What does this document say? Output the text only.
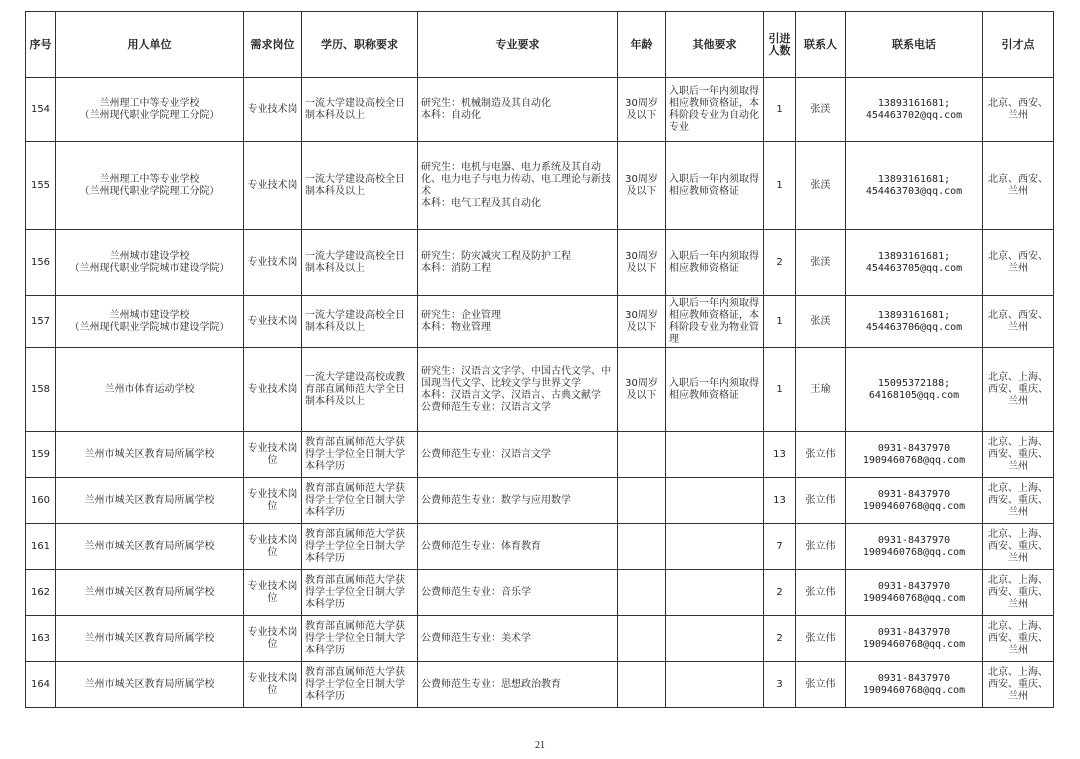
序号	用人单位	需求岗位	学历、职称要求	专业要求	年龄	其他要求	引进人数	联系人	联系电话	引才点
154	兰州理工中等专业学校
（兰州现代职业学院理工分院）	专业技术岗	一流大学建设高校全日制本科及以上	研究生：机械制造及其自动化
本科：自动化	30周岁及以下	入职后一年内须取得相应教师资格证，本科阶段专业为自动化专业	1	张渼	13893161681;
454463702@qq.com	北京、西安、兰州
155	兰州理工中等专业学校
（兰州现代职业学院理工分院）	专业技术岗	一流大学建设高校全日制本科及以上	研究生：电机与电器、电力系统及其自动化、电力电子与电力传动、电工理论与新技术
本科：电气工程及其自动化	30周岁及以下	入职后一年内须取得相应教师资格证	1	张渼	13893161681;
454463703@qq.com	北京、西安、兰州
156	兰州城市建设学校
（兰州现代职业学院城市建设学院）	专业技术岗	一流大学建设高校全日制本科及以上	研究生：防灾减灾工程及防护工程
本科：消防工程	30周岁及以下	入职后一年内须取得相应教师资格证	2	张渼	13893161681;
454463705@qq.com	北京、西安、兰州
157	兰州城市建设学校
（兰州现代职业学院城市建设学院）	专业技术岗	一流大学建设高校全日制本科及以上	研究生：企业管理
本科：物业管理	30周岁及以下	入职后一年内须取得相应教师资格证，本科阶段专业为物业管理	1	张渼	13893161681;
454463706@qq.com	北京、西安、兰州
158	兰州市体育运动学校	专业技术岗	一流大学建设高校或教育部直属师范大学全日制本科及以上	研究生：汉语言文字学、中国古代文学、中国现当代文学、比较文学与世界文学
本科：汉语言文学、汉语言、古典文献学
公费师范生专业：汉语言文学	30周岁及以下	入职后一年内须取得相应教师资格证	1	王瑜	15095372188;
64168105@qq.com	北京、上海、西安、重庆、兰州
159	兰州市城关区教育局所属学校	专业技术岗位	教育部直属师范大学获得学士学位全日制大学本科学历	公费师范生专业：汉语言文学			13	张立伟	0931-8437970
1909460768@qq.com	北京、上海、西安、重庆、兰州
160	兰州市城关区教育局所属学校	专业技术岗位	教育部直属师范大学获得学士学位全日制大学本科学历	公费师范生专业：数学与应用数学			13	张立伟	0931-8437970
1909460768@qq.com	北京、上海、西安、重庆、兰州
161	兰州市城关区教育局所属学校	专业技术岗位	教育部直属师范大学获得学士学位全日制大学本科学历	公费师范生专业：体育教育			7	张立伟	0931-8437970
1909460768@qq.com	北京、上海、西安、重庆、兰州
162	兰州市城关区教育局所属学校	专业技术岗位	教育部直属师范大学获得学士学位全日制大学本科学历	公费师范生专业：音乐学			2	张立伟	0931-8437970
1909460768@qq.com	北京、上海、西安、重庆、兰州
163	兰州市城关区教育局所属学校	专业技术岗位	教育部直属师范大学获得学士学位全日制大学本科学历	公费师范生专业：美术学			2	张立伟	0931-8437970
1909460768@qq.com	北京、上海、西安、重庆、兰州
164	兰州市城关区教育局所属学校	专业技术岗位	教育部直属师范大学获得学士学位全日制大学本科学历	公费师范生专业：思想政治教育			3	张立伟	0931-8437970
1909460768@qq.com	北京、上海、西安、重庆、兰州
21
